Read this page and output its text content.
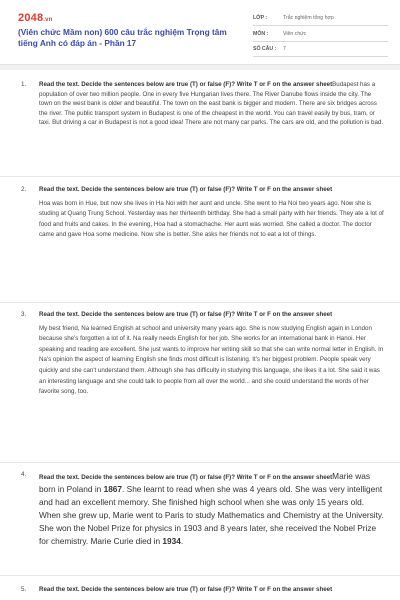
2048.vn
(Viên chức Mầm non) 600 câu trắc nghiệm Trọng tâm tiếng Anh có đáp án - Phần 17
LỚP :	Trắc nghiệm tổng hợp
MÔN :	Viên chức
SỐ CÂU : 7
1. Read the text. Decide the sentences below are true (T) or false (F)? Write T or F on the answer sheetBudapest has a population of over two million people. One in every five Hungarian lives there. The River Danube flows inside the city. The town on the west bank is older and beautiful. The town on the east bank is bigger and modern. There are six bridges across the river. The public transport system in Budapest is one of the cheapest in the world. You can travel easily by bus, tram, or taxi. But driving a car in Budapest is not a good idea! There are not many car parks. The cars are old, and the pollution is bad.
2. Read the text. Decide the sentences below are true (T) or false (F)? Write T or F on the answer sheet
Hoa was born in Hue, but now she lives in Ha Noi with her aunt and uncle. She went to Ha Noi two years ago. Now she is studing at Quang Trung School. Yesterday was her thirteenth birthday. She had a small party with her friends. They ate a lot of food and fruits and cakes. In the evening, Hoa had a stomachache. Her aunt was worried. She called a doctor. The doctor came and gave Hoa some medicine. Now she is better. She asks her friends not to eat a lot of things.
3. Read the text. Decide the sentences below are true (T) or false (F)? Write T or F on the answer sheet
My best friend, Na learned English at school and university many years ago. She is now studying English again in London because she's forgotten a lot of it. Na really needs English for her job. She works for an international bank in Hanoi. Her speaking and reading are excellent. She just wants to improve her writing skill so that she can write normal letter in English. In Na's opinion the aspect of learning English she finds most difficult is listening. It's her biggest problem. People speak very quickly and she can't understand them. Although she has difficulty in studying this language, she likes it a lot. She said it was an interesting language and she could talk to people from all over the world... and she could understand the words of her favorite song, too.
4. Read the text. Decide the sentences below are true (T) or false (F)? Write T or F on the answer sheetMarie was born in Poland in 1867. She learnt to read when she was 4 years old. She was very intelligent and had an excellent memory. She finished high school when she was only 15 years old. When she grew up, Marie went to Paris to study Mathematics and Chemistry at the University. She won the Nobel Prize for physics in 1903 and 8 years later, she received the Nobel Prize for chemistry. Marie Curie died in 1934.
5. Read the text. Decide the sentences below are true (T) or false (F)? Write T or F on the answer sheet
